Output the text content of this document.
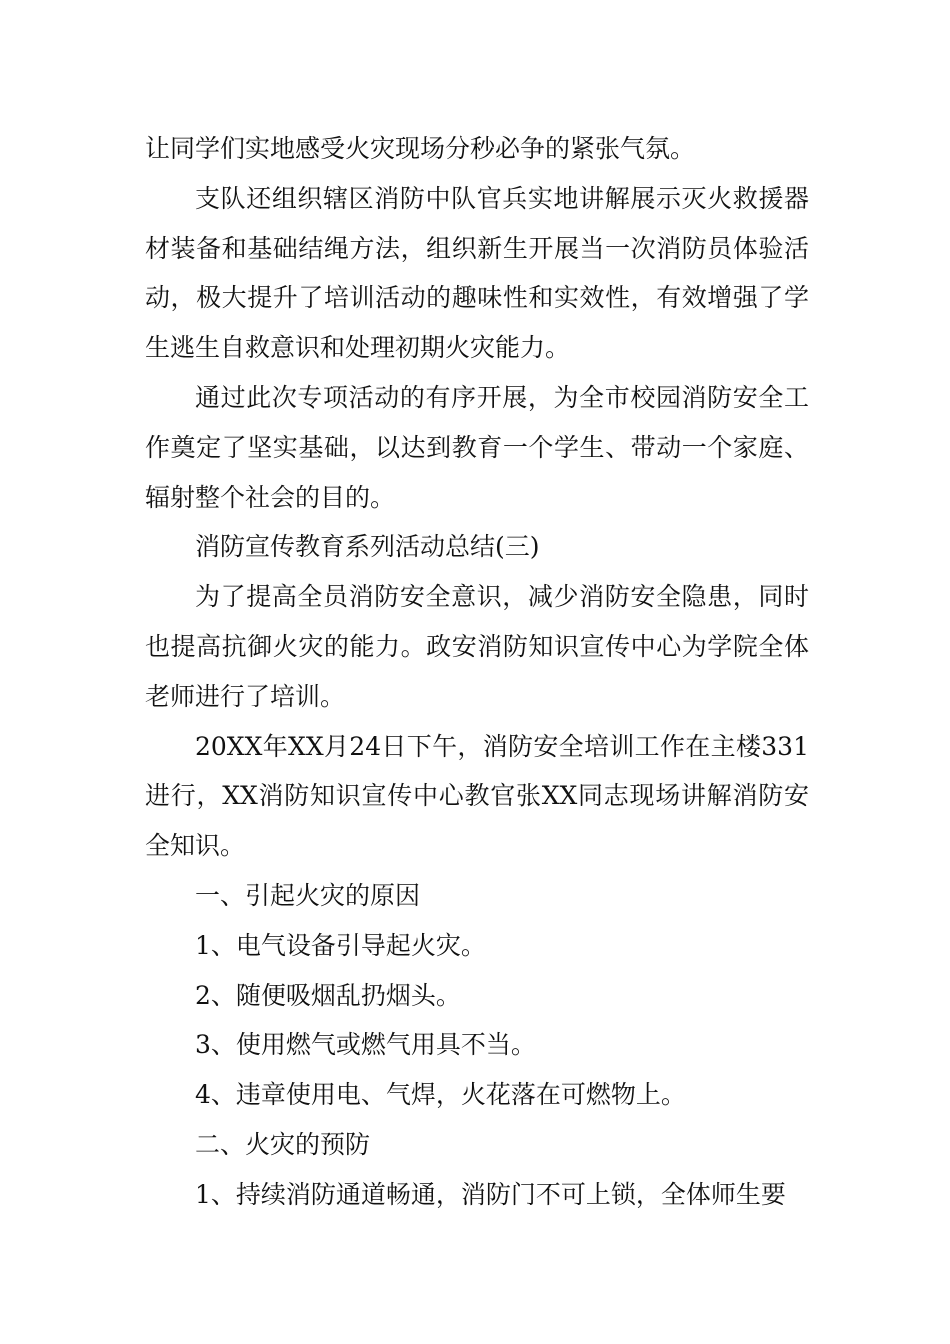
让同学们实地感受火灾现场分秒必争的紧张气氛。

支队还组织辖区消防中队官兵实地讲解展示灭火救援器材装备和基础结绳方法，组织新生开展当一次消防员体验活动，极大提升了培训活动的趣味性和实效性，有效增强了学生逃生自救意识和处理初期火灾能力。

通过此次专项活动的有序开展，为全市校园消防安全工作奠定了坚实基础，以达到教育一个学生、带动一个家庭、辐射整个社会的目的。

消防宣传教育系列活动总结(三)

为了提高全员消防安全意识，减少消防安全隐患，同时也提高抗御火灾的能力。政安消防知识宣传中心为学院全体老师进行了培训。

20XX年XX月24日下午，消防安全培训工作在主楼331进行，XX消防知识宣传中心教官张XX同志现场讲解消防安全知识。

一、引起火灾的原因

1、电气设备引导起火灾。

2、随便吸烟乱扔烟头。

3、使用燃气或燃气用具不当。

4、违章使用电、气焊，火花落在可燃物上。

二、火灾的预防

1、持续消防通道畅通，消防门不可上锁，全体师生要
